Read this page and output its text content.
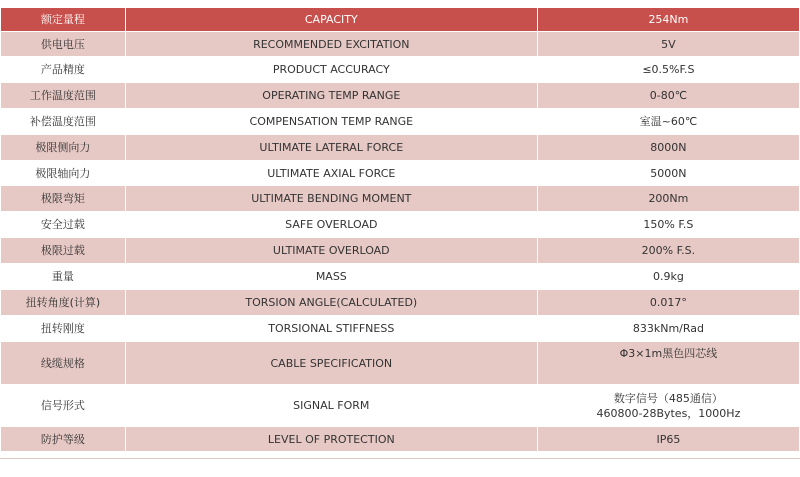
额定量程	CAPACITY	254Nm
供电电压	RECOMMENDED EXCITATION	5V
产品精度	PRODUCT ACCURACY	≤0.5%F.S
工作温度范围	OPERATING TEMP RANGE	0-80℃
补偿温度范围	COMPENSATION TEMP RANGE	室温~60℃
极限侧向力	ULTIMATE LATERAL FORCE	8000N
极限轴向力	ULTIMATE AXIAL FORCE	5000N
极限弯矩	ULTIMATE BENDING MOMENT	200Nm
安全过载	SAFE OVERLOAD	150% F.S
极限过载	ULTIMATE OVERLOAD	200% F.S.
重量	MASS	0.9kg
扭转角度(计算)	TORSION ANGLE(CALCULATED)	0.017°
扭转刚度	TORSIONAL STIFFNESS	833kNm/Rad
线缆规格	CABLE SPECIFICATION	Φ3×1m黑色四芯线
信号形式	SIGNAL FORM	数字信号（485通信）
460800-28Bytes，1000Hz

防护等级	LEVEL OF PROTECTION	IP65
